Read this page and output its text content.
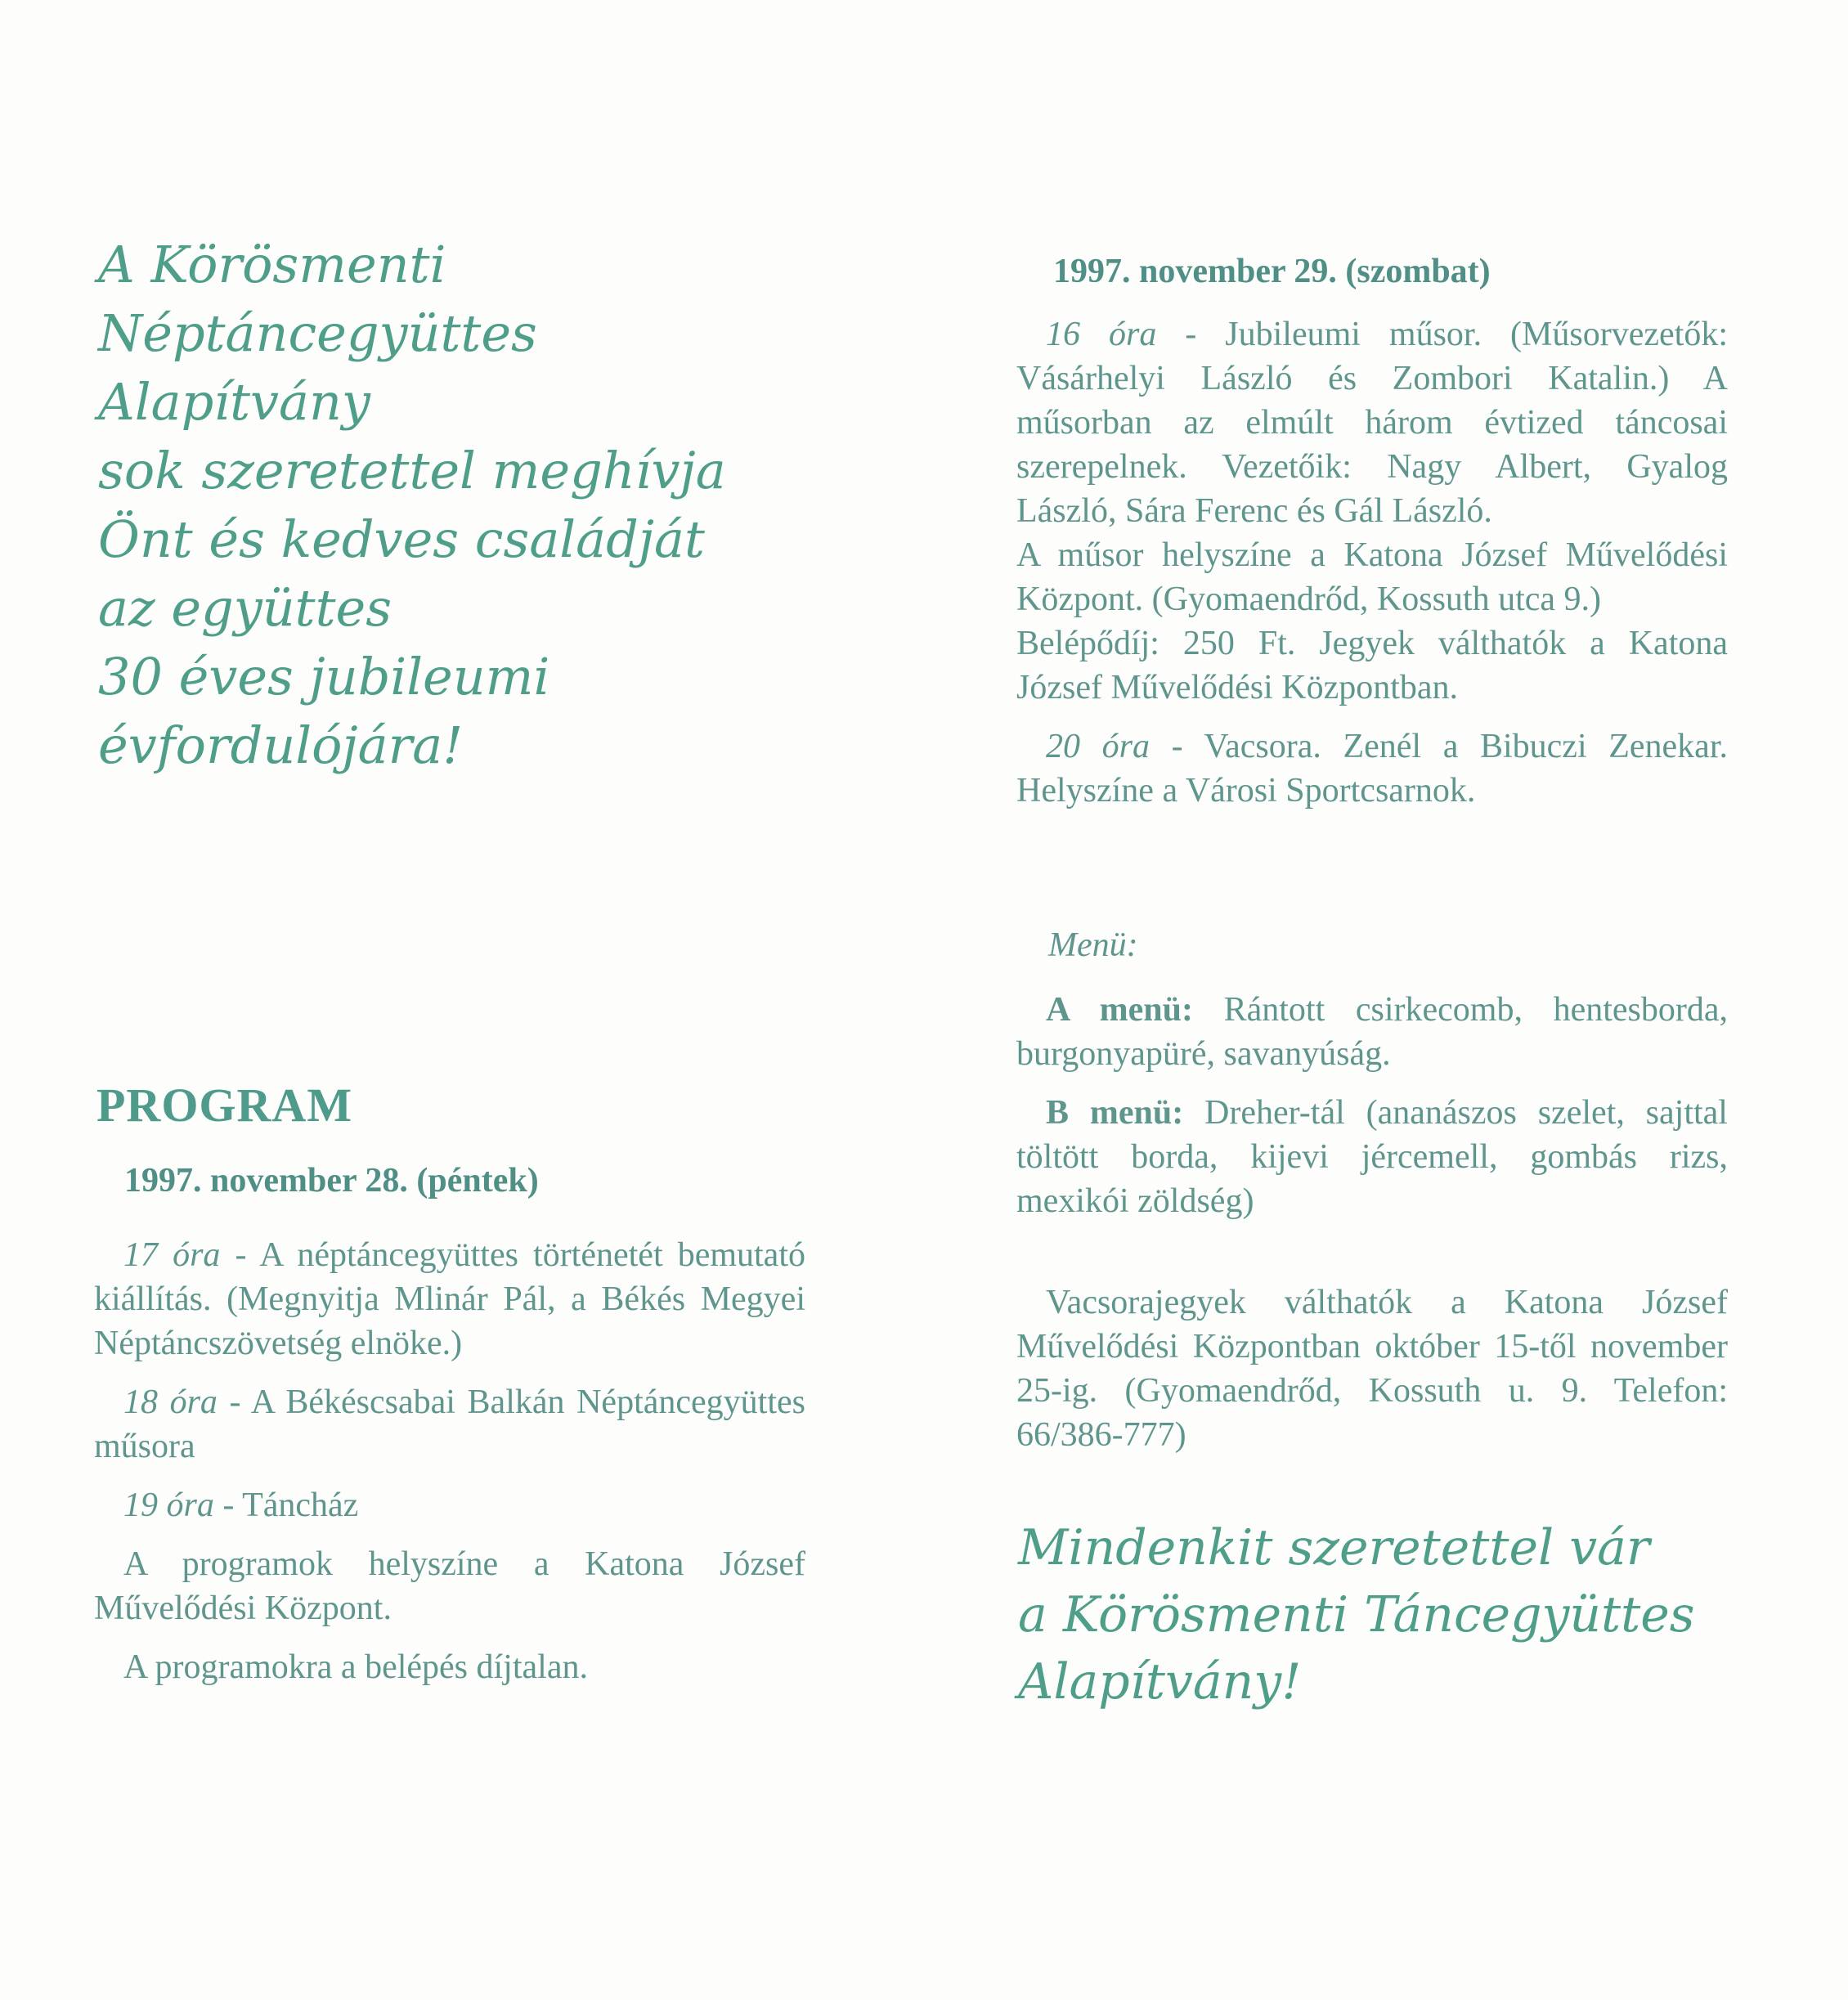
A Körösmenti
Néptáncegyüttes
Alapítvány
sok szeretettel meghívja
Önt és kedves családját
az együttes
30 éves jubileumi
évfordulójára!
PROGRAM
1997. november 28. (péntek)

17 óra - A néptáncegyüttes történetét bemutató kiállítás. (Megnyitja Mlinár Pál, a Békés Megyei Néptáncszövetség elnöke.)

18 óra - A Békéscsabai Balkán Néptáncegyüttes műsora

19 óra - Táncház

A programok helyszíne a Katona József Művelődési Központ.

A programokra a belépés díjtalan.

1997. november 29. (szombat)

16 óra - Jubileumi műsor. (Műsorvezetők: Vásárhelyi László és Zombori Katalin.) A műsorban az elmúlt három évtized táncosai szerepelnek. Vezetőik: Nagy Albert, Gyalog László, Sára Ferenc és Gál László.

A műsor helyszíne a Katona József Művelődési Központ. (Gyomaendrőd, Kossuth utca 9.)

Belépődíj: 250 Ft. Jegyek válthatók a Katona József Művelődési Központban.

20 óra - Vacsora. Zenél a Bibuczi Zenekar. Helyszíne a Városi Sportcsarnok.

Menü:

A menü: Rántott csirkecomb, hentesborda, burgonyapüré, savanyúság.

B menü: Dreher-tál (ananászos szelet, sajttal töltött borda, kijevi jércemell, gombás rizs, mexikói zöldség)

Vacsorajegyek válthatók a Katona József Művelődési Központban október 15-től november 25-ig. (Gyomaendrőd, Kossuth u. 9. Telefon: 66/386-777)

Mindenkit szeretettel vár
a Körösmenti Táncegyüttes
Alapítvány!
